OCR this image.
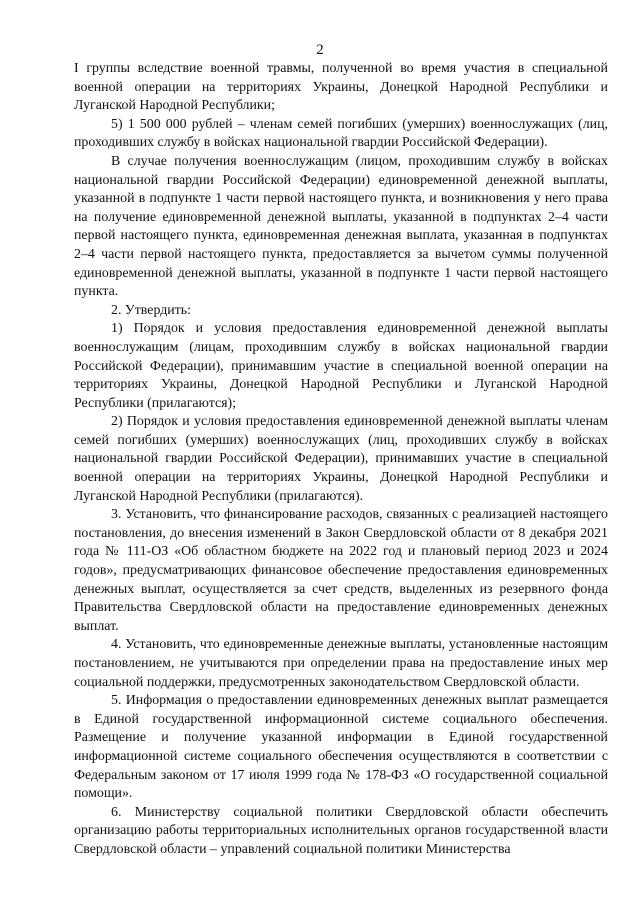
2

I группы вследствие военной травмы, полученной во время участия в специальной военной операции на территориях Украины, Донецкой Народной Республики и Луганской Народной Республики;

5) 1 500 000 рублей – членам семей погибших (умерших) военнослужащих (лиц, проходивших службу в войсках национальной гвардии Российской Федерации).

В случае получения военнослужащим (лицом, проходившим службу в войсках национальной гвардии Российской Федерации) единовременной денежной выплаты, указанной в подпункте 1 части первой настоящего пункта, и возникновения у него права на получение единовременной денежной выплаты, указанной в подпунктах 2–4 части первой настоящего пункта, единовременная денежная выплата, указанная в подпунктах 2–4 части первой настоящего пункта, предоставляется за вычетом суммы полученной единовременной денежной выплаты, указанной в подпункте 1 части первой настоящего пункта.

2. Утвердить:

1) Порядок и условия предоставления единовременной денежной выплаты военнослужащим (лицам, проходившим службу в войсках национальной гвардии Российской Федерации), принимавшим участие в специальной военной операции на территориях Украины, Донецкой Народной Республики и Луганской Народной Республики (прилагаются);

2) Порядок и условия предоставления единовременной денежной выплаты членам семей погибших (умерших) военнослужащих (лиц, проходивших службу в войсках национальной гвардии Российской Федерации), принимавших участие в специальной военной операции на территориях Украины, Донецкой Народной Республики и Луганской Народной Республики (прилагаются).

3. Установить, что финансирование расходов, связанных с реализацией настоящего постановления, до внесения изменений в Закон Свердловской области от 8 декабря 2021 года № 111-ОЗ «Об областном бюджете на 2022 год и плановый период 2023 и 2024 годов», предусматривающих финансовое обеспечение предоставления единовременных денежных выплат, осуществляется за счет средств, выделенных из резервного фонда Правительства Свердловской области на предоставление единовременных денежных выплат.

4. Установить, что единовременные денежные выплаты, установленные настоящим постановлением, не учитываются при определении права на предоставление иных мер социальной поддержки, предусмотренных законодательством Свердловской области.

5. Информация о предоставлении единовременных денежных выплат размещается в Единой государственной информационной системе социального обеспечения. Размещение и получение указанной информации в Единой государственной информационной системе социального обеспечения осуществляются в соответствии с Федеральным законом от 17 июля 1999 года № 178-ФЗ «О государственной социальной помощи».

6. Министерству социальной политики Свердловской области обеспечить организацию работы территориальных исполнительных органов государственной власти Свердловской области – управлений социальной политики Министерства
